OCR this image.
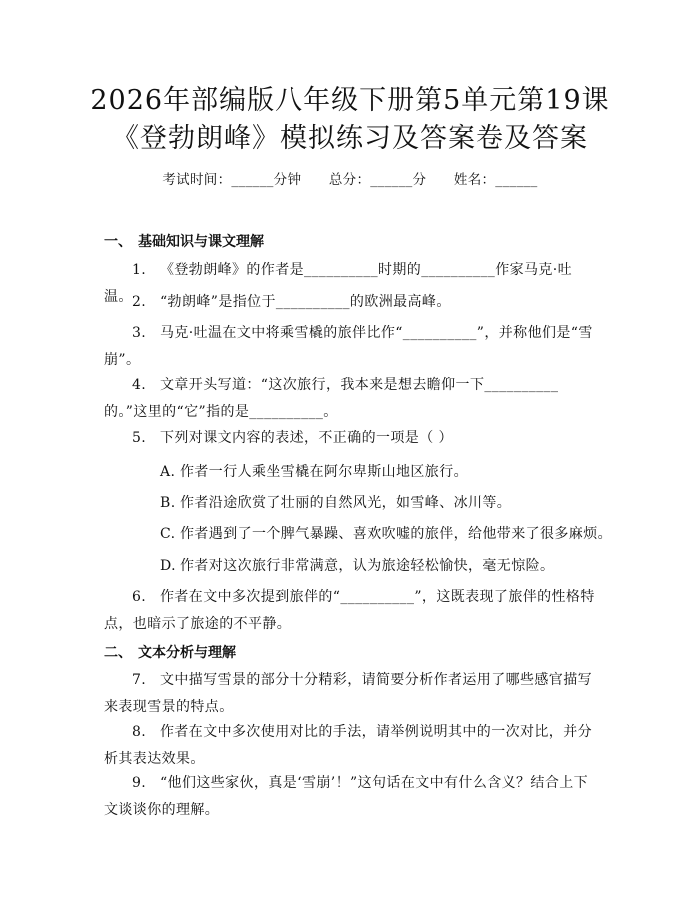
2026年部编版八年级下册第5单元第19课
《登勃朗峰》模拟练习及答案卷及答案
考试时间：______分钟 总分：______分 姓名：______
一、 基础知识与课文理解
1. 《登勃朗峰》的作者是__________时期的__________作家马克·吐温。 2. “勃朗峰”是指位于__________的欧洲最高峰。
3. 马克·吐温在文中将乘雪橇的旅伴比作“__________”，并称他们是“雪崩”。
4. 文章开头写道：“这次旅行，我本来是想去瞻仰一下__________的。”这里的“它”指的是__________。
5. 下列对课文内容的表述，不正确的一项是（ ）
A. 作者一行人乘坐雪橇在阿尔卑斯山地区旅行。
B. 作者沿途欣赏了壮丽的自然风光，如雪峰、冰川等。
C. 作者遇到了一个脾气暴躁、喜欢吹嘘的旅伴，给他带来了很多麻烦。
D. 作者对这次旅行非常满意，认为旅途轻松愉快，毫无惊险。
6. 作者在文中多次提到旅伴的“__________”，这既表现了旅伴的性格特点，也暗示了旅途的不平静。
二、 文本分析与理解
7. 文中描写雪景的部分十分精彩，请简要分析作者运用了哪些感官描写来表现雪景的特点。
8. 作者在文中多次使用对比的手法，请举例说明其中的一次对比，并分析其表达效果。
9. “他们这些家伙，真是‘雪崩’！”这句话在文中有什么含义？结合上下文谈谈你的理解。
